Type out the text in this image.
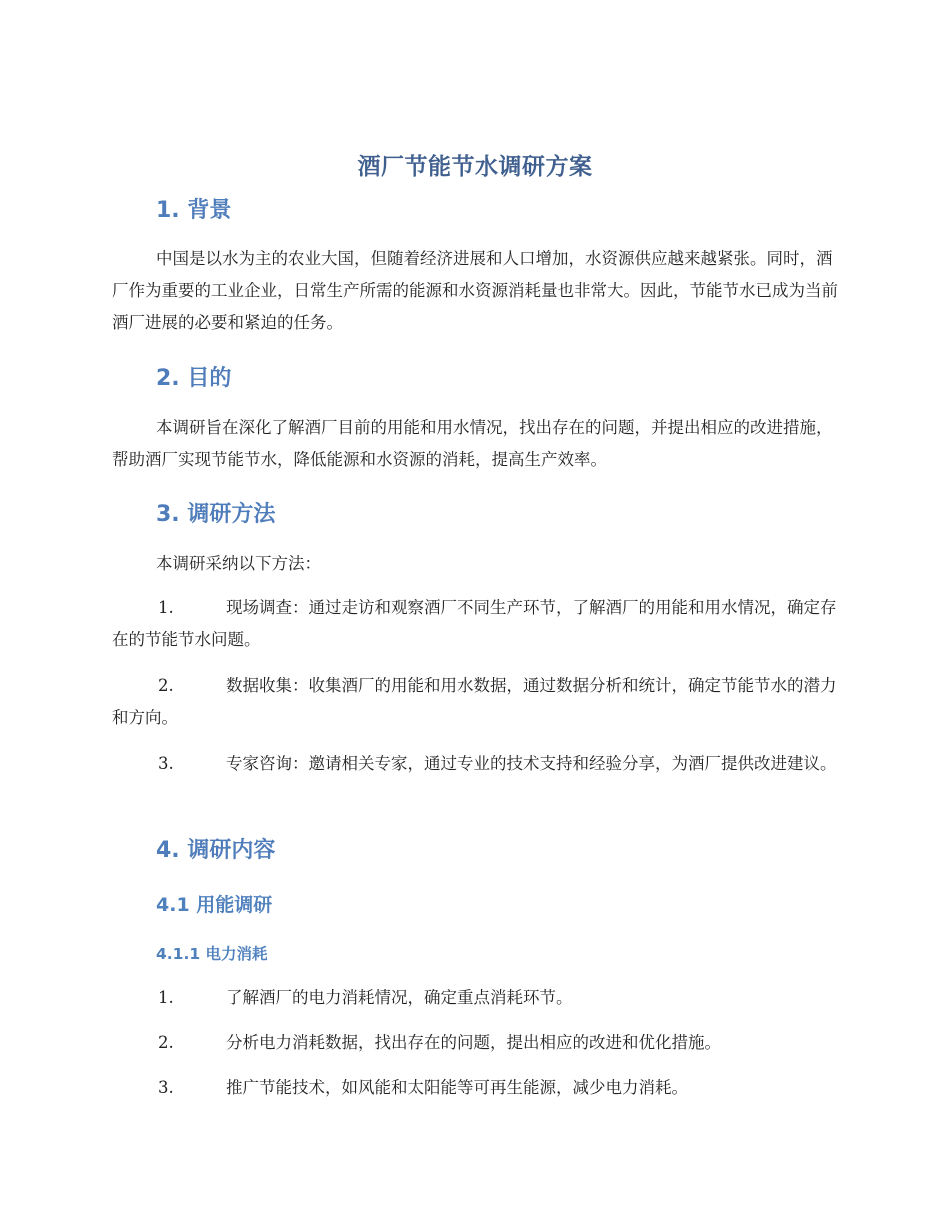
酒厂节能节水调研方案
1. 背景

中国是以水为主的农业大国，但随着经济进展和人口增加，水资源供应越来越紧张。同时，酒厂作为重要的工业企业，日常生产所需的能源和水资源消耗量也非常大。因此，节能节水已成为当前酒厂进展的必要和紧迫的任务。

2. 目的

本调研旨在深化了解酒厂目前的用能和用水情况，找出存在的问题，并提出相应的改进措施，帮助酒厂实现节能节水，降低能源和水资源的消耗，提高生产效率。

3. 调研方法

本调研采纳以下方法：

1.	现场调查：通过走访和观察酒厂不同生产环节，了解酒厂的用能和用水情况，确定存在的节能节水问题。

2.	数据收集：收集酒厂的用能和用水数据，通过数据分析和统计，确定节能节水的潜力和方向。

3.	专家咨询：邀请相关专家，通过专业的技术支持和经验分享，为酒厂提供改进建议。

4. 调研内容
4.1 用能调研
4.1.1 电力消耗

1.	了解酒厂的电力消耗情况，确定重点消耗环节。

2.	分析电力消耗数据，找出存在的问题，提出相应的改进和优化措施。

3.	推广节能技术，如风能和太阳能等可再生能源，减少电力消耗。
